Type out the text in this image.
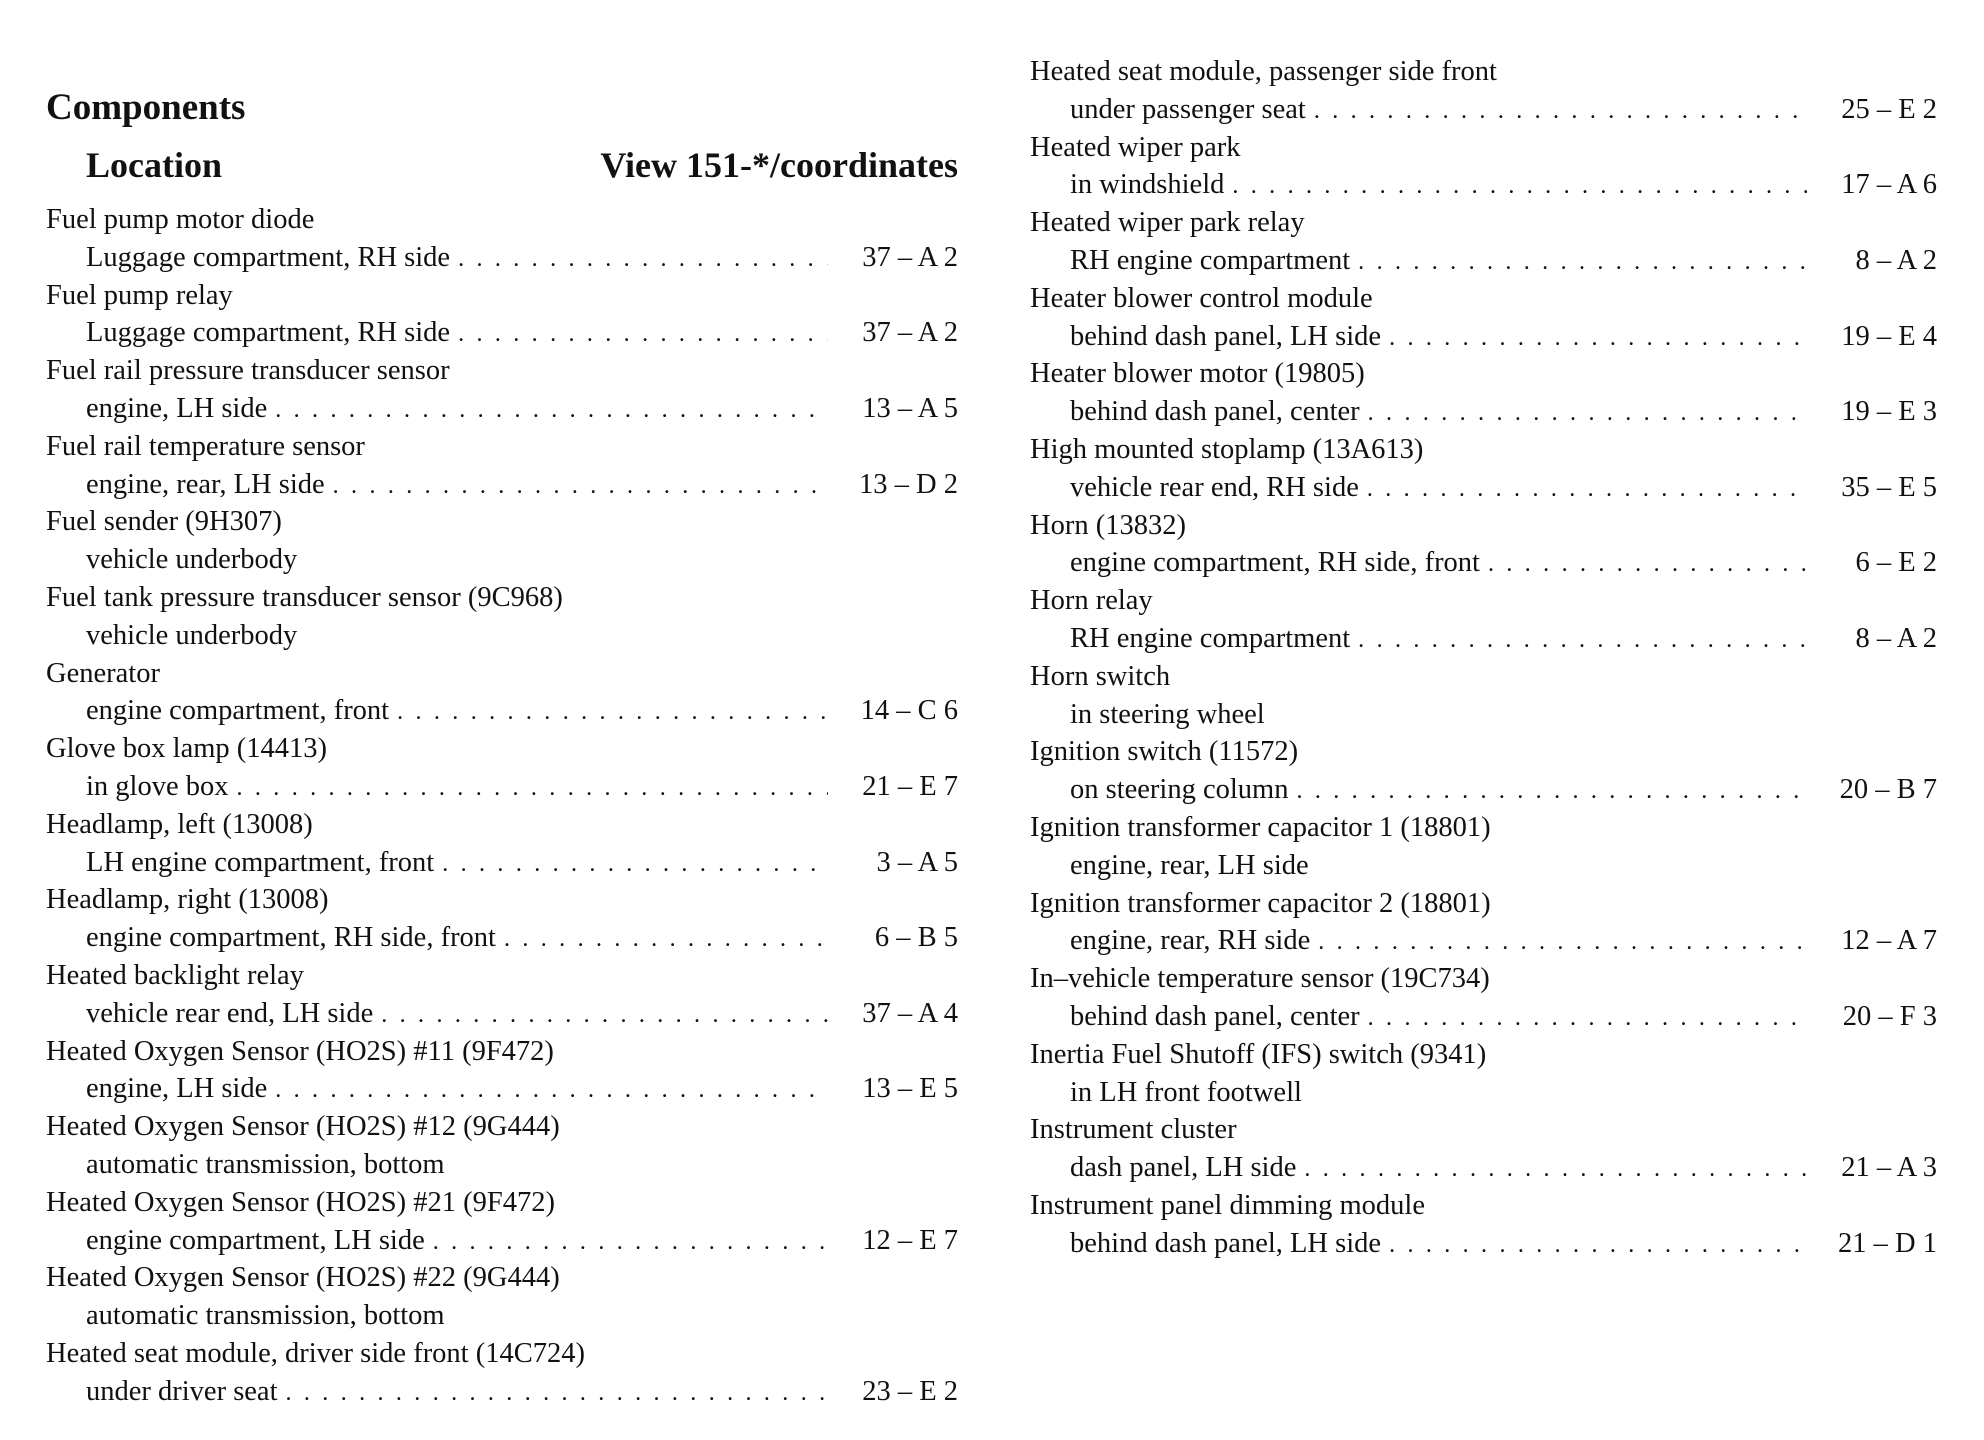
Components
Location	View 151-*/coordinates
Fuel pump motor diode
Luggage compartment, RH side . . .	37 – A 2
Fuel pump relay
Luggage compartment, RH side . . .	37 – A 2
Fuel rail pressure transducer sensor
engine, LH side . . .	13 – A 5
Fuel rail temperature sensor
engine, rear, LH side . . .	13 – D 2
Fuel sender (9H307)
vehicle underbody
Fuel tank pressure transducer sensor (9C968)
vehicle underbody
Generator
engine compartment, front . . .	14 – C 6
Glove box lamp (14413)
in glove box . . .	21 – E 7
Headlamp, left (13008)
LH engine compartment, front . . .	3 – A 5
Headlamp, right (13008)
engine compartment, RH side, front . . .	6 – B 5
Heated backlight relay
vehicle rear end, LH side . . .	37 – A 4
Heated Oxygen Sensor (HO2S) #11 (9F472)
engine, LH side . . .	13 – E 5
Heated Oxygen Sensor (HO2S) #12 (9G444)
automatic transmission, bottom
Heated Oxygen Sensor (HO2S) #21 (9F472)
engine compartment, LH side . . .	12 – E 7
Heated Oxygen Sensor (HO2S) #22 (9G444)
automatic transmission, bottom
Heated seat module, driver side front (14C724)
under driver seat . . .	23 – E 2
Heated seat module, passenger side front
under passenger seat . . .	25 – E 2
Heated wiper park
in windshield . . .	17 – A 6
Heated wiper park relay
RH engine compartment . . .	8 – A 2
Heater blower control module
behind dash panel, LH side . . .	19 – E 4
Heater blower motor (19805)
behind dash panel, center . . .	19 – E 3
High mounted stoplamp (13A613)
vehicle rear end, RH side . . .	35 – E 5
Horn (13832)
engine compartment, RH side, front . . .	6 – E 2
Horn relay
RH engine compartment . . .	8 – A 2
Horn switch
in steering wheel
Ignition switch (11572)
on steering column . . .	20 – B 7
Ignition transformer capacitor 1 (18801)
engine, rear, LH side
Ignition transformer capacitor 2 (18801)
engine, rear, RH side . . .	12 – A 7
In–vehicle temperature sensor (19C734)
behind dash panel, center . . .	20 – F 3
Inertia Fuel Shutoff (IFS) switch (9341)
in LH front footwell
Instrument cluster
dash panel, LH side . . .	21 – A 3
Instrument panel dimming module
behind dash panel, LH side . . .	21 – D 1
